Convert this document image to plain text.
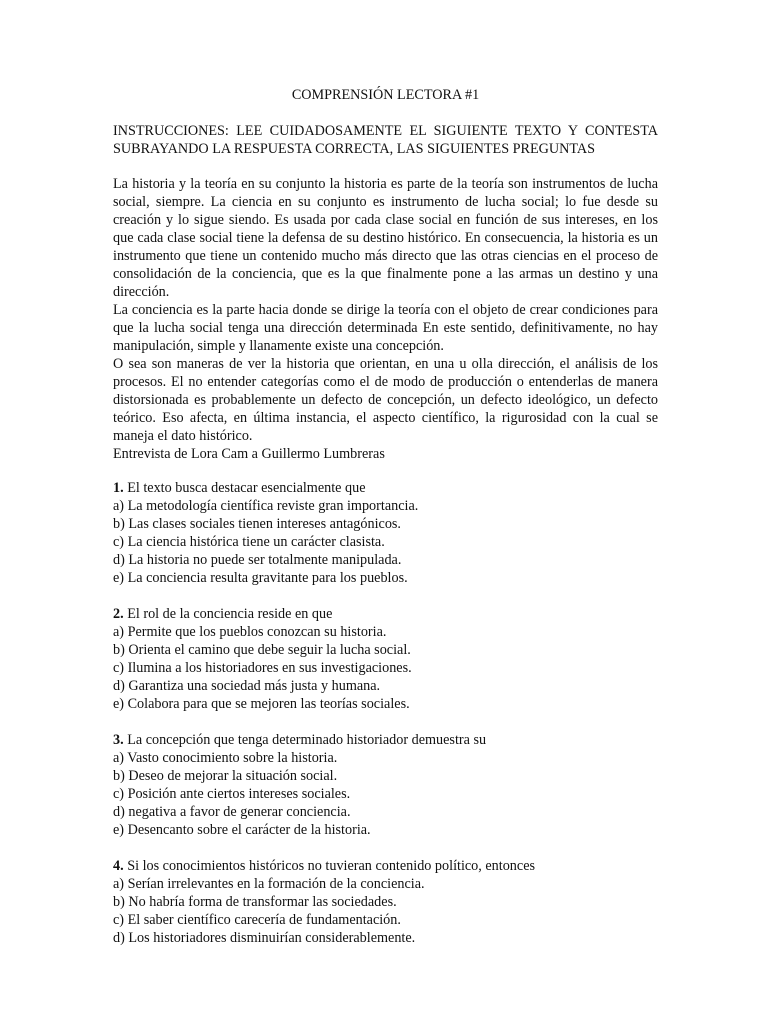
COMPRENSIÓN LECTORA #1
INSTRUCCIONES: LEE CUIDADOSAMENTE EL SIGUIENTE TEXTO Y CONTESTA SUBRAYANDO LA RESPUESTA CORRECTA, LAS SIGUIENTES PREGUNTAS

La historia y la teoría en su conjunto la historia es parte de la teoría son instrumentos de lucha social, siempre. La ciencia en su conjunto es instrumento de lucha social; lo fue desde su creación y lo sigue siendo. Es usada por cada clase social en función de sus intereses, en los que cada clase social tiene la defensa de su destino histórico. En consecuencia, la historia es un instrumento que tiene un contenido mucho más directo que las otras ciencias en el proceso de consolidación de la conciencia, que es la que finalmente pone a las armas un destino y una dirección.

La conciencia es la parte hacia donde se dirige la teoría con el objeto de crear condiciones para que la lucha social tenga una dirección determinada En este sentido, definitivamente, no hay manipulación, simple y llanamente existe una concepción.

O sea son maneras de ver la historia que orientan, en una u olla dirección, el análisis de los procesos. El no entender categorías como el de modo de producción o entenderlas de manera distorsionada es probablemente un defecto de concepción, un defecto ideológico, un defecto teórico. Eso afecta, en última instancia, el aspecto científico, la rigurosidad con la cual se maneja el dato histórico.

Entrevista de Lora Cam a Guillermo Lumbreras

1. El texto busca destacar esencialmente que
a) La metodología científica reviste gran importancia.
b) Las clases sociales tienen intereses antagónicos.
c) La ciencia histórica tiene un carácter clasista.
d) La historia no puede ser totalmente manipulada.
e) La conciencia resulta gravitante para los pueblos.
2. El rol de la conciencia reside en que
a) Permite que los pueblos conozcan su historia.
b) Orienta el camino que debe seguir la lucha social.
c) Ilumina a los historiadores en sus investigaciones.
d) Garantiza una sociedad más justa y humana.
e) Colabora para que se mejoren las teorías sociales.
3. La concepción que tenga determinado historiador demuestra su
a) Vasto conocimiento sobre la historia.
b) Deseo de mejorar la situación social.
c) Posición ante ciertos intereses sociales.
d) negativa a favor de generar conciencia.
e) Desencanto sobre el carácter de la historia.
4. Si los conocimientos históricos no tuvieran contenido político, entonces
a) Serían irrelevantes en la formación de la conciencia.
b) No habría forma de transformar las sociedades.
c) El saber científico carecería de fundamentación.
d) Los historiadores disminuirían considerablemente.
